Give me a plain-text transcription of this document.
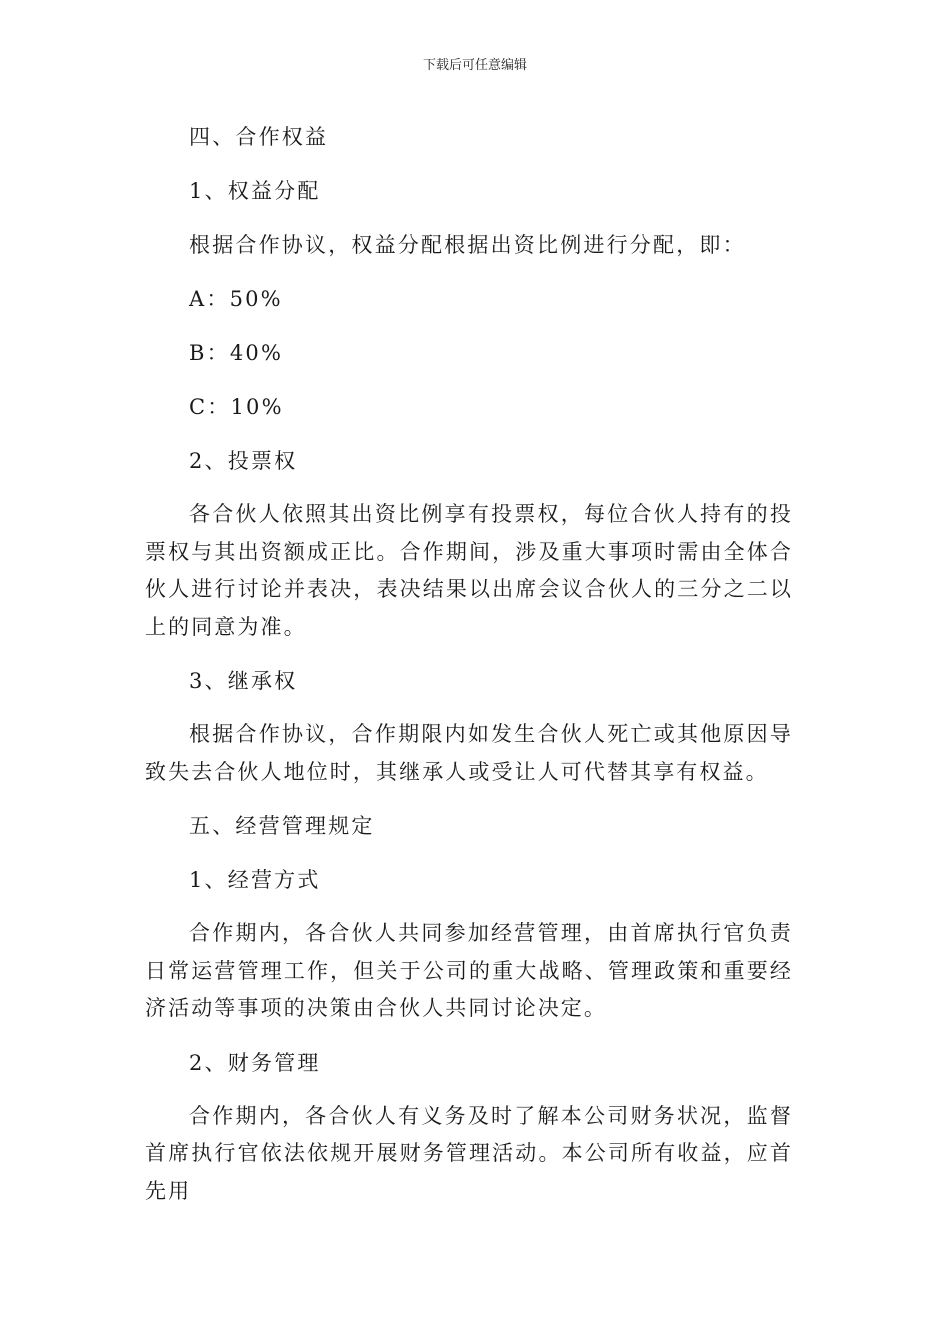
下载后可任意编辑
四、合作权益
1、权益分配
根据合作协议，权益分配根据出资比例进行分配，即：
A：50%
B：40%
C：10%
2、投票权
各合伙人依照其出资比例享有投票权，每位合伙人持有的投票权与其出资额成正比。合作期间，涉及重大事项时需由全体合伙人进行讨论并表决，表决结果以出席会议合伙人的三分之二以上的同意为准。
3、继承权
根据合作协议，合作期限内如发生合伙人死亡或其他原因导致失去合伙人地位时，其继承人或受让人可代替其享有权益。
五、经营管理规定
1、经营方式
合作期内，各合伙人共同参加经营管理，由首席执行官负责日常运营管理工作，但关于公司的重大战略、管理政策和重要经济活动等事项的决策由合伙人共同讨论决定。
2、财务管理
合作期内，各合伙人有义务及时了解本公司财务状况，监督首席执行官依法依规开展财务管理活动。本公司所有收益，应首先用
